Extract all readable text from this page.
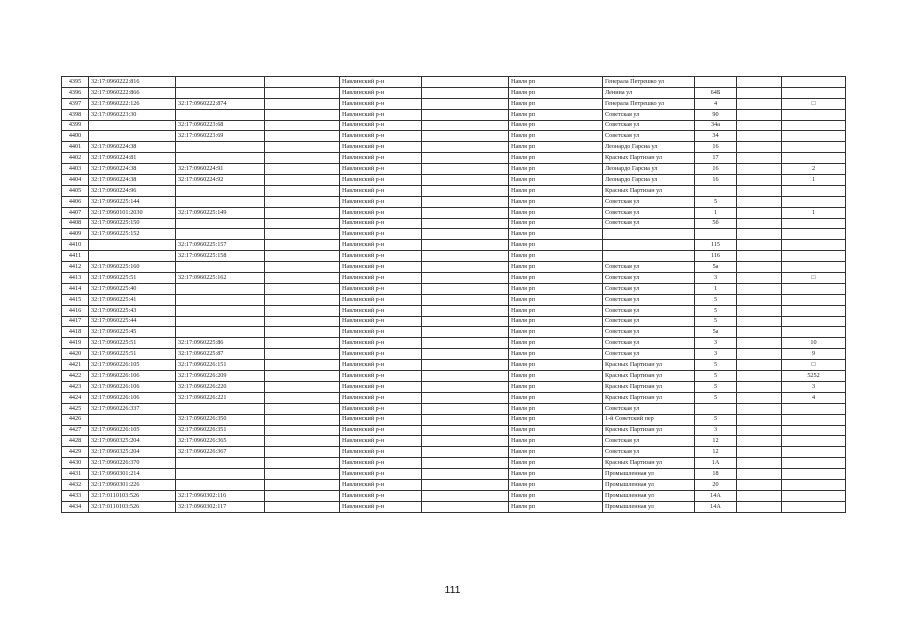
4395	32:17:0960222:816			Навлинский р-н		Навля рп	Генерала Петрешко ул			
4396	32:17:0960222:866			Навлинский р-н		Навля рп	Ленина ул	64Б		
4397	32:17:0960222:126	32:17:0960222:874		Навлинский р-н		Навля рп	Генерала Петрешко ул	4		□
4398	32:17:0960223:30			Навлинский р-н		Навля рп	Советская ул	90		
4399		32:17:0960223:68		Навлинский р-н		Навля рп	Советская ул	34а		
4400		32:17:0960223:69		Навлинский р-н		Навля рп	Советская ул	34		
4401	32:17:0960224:38			Навлинский р-н		Навля рп	Леонардо Гарсиа ул	16		
4402	32:17:0960224:81			Навлинский р-н		Навля рп	Красных Партизан ул	17		
4403	32:17:0960224:38	32:17:0960224:91		Навлинский р-н		Навля рп	Леонардо Гарсиа ул	16		2
4404	32:17:0960224:38	32:17:0960224:92		Навлинский р-н		Навля рп	Леонардо Гарсиа ул	16		1
4405	32:17:0960224:96			Навлинский р-н		Навля рп	Красных Партизан ул			
4406	32:17:0960225:144			Навлинский р-н		Навля рп	Советская ул	5		
4407	32:17:0960101:2030	32:17:0960225:149		Навлинский р-н		Навля рп	Советская ул	1		1
4408	32:17:0960225:150			Навлинский р-н		Навля рп	Советская ул	5б		
4409	32:17:0960225:152			Навлинский р-н		Навля рп				
4410		32:17:0960225:157		Навлинский р-н		Навля рп		115		
4411		32:17:0960225:158		Навлинский р-н		Навля рп		116		
4412	32:17:0960225:160			Навлинский р-н		Навля рп	Советская ул	5а		
4413	32:17:0960225:51	32:17:0960225:162		Навлинский р-н		Навля рп	Советская ул	3		□
4414	32:17:0960225:40			Навлинский р-н		Навля рп	Советская ул	1		
4415	32:17:0960225:41			Навлинский р-н		Навля рп	Советская ул	5		
4416	32:17:0960225:43			Навлинский р-н		Навля рп	Советская ул	5		
4417	32:17:0960225:44			Навлинский р-н		Навля рп	Советская ул	5		
4418	32:17:0960225:45			Навлинский р-н		Навля рп	Советская ул	5а		
4419	32:17:0960225:51	32:17:0960225:86		Навлинский р-н		Навля рп	Советская ул	3		10
4420	32:17:0960225:51	32:17:0960225:87		Навлинский р-н		Навля рп	Советская ул	3		9
4421	32:17:0960226:105	32:17:0960226:151		Навлинский р-н		Навля рп	Красных Партизан ул	5		□
4422	32:17:0960226:106	32:17:0960226:209		Навлинский р-н		Навля рп	Красных Партизан ул	5		5252
4423	32:17:0960226:106	32:17:0960226:220		Навлинский р-н		Навля рп	Красных Партизан ул	5		3
4424	32:17:0960226:106	32:17:0960226:221		Навлинский р-н		Навля рп	Красных Партизан ул	5		4
4425	32:17:0960226:337			Навлинский р-н		Навля рп	Советская ул			
4426		32:17:0960226:350		Навлинский р-н		Навля рп	1-й Советский пер	5		
4427	32:17:0960226:105	32:17:0960226:351		Навлинский р-н		Навля рп	Красных Партизан ул	3		
4428	32:17:0960325:204	32:17:0960226:365		Навлинский р-н		Навля рп	Советская ул	12		
4429	32:17:0960325:204	32:17:0960226:367		Навлинский р-н		Навля рп	Советская ул	12		
4430	32:17:0960226:370			Навлинский р-н		Навля рп	Красных Партизан ул	1А		
4431	32:17:0960301:214			Навлинский р-н		Навля рп	Промышленная ул	18		
4432	32:17:0960301:226			Навлинский р-н		Навля рп	Промышленная ул	20		
4433	32:17:0110103:526	32:17:0960302:116		Навлинский р-н		Навля рп	Промышленная ул	14А		
4434	32:17:0110103:526	32:17:0960302:117		Навлинский р-н		Навля рп	Промышленная ул	14А		
111
